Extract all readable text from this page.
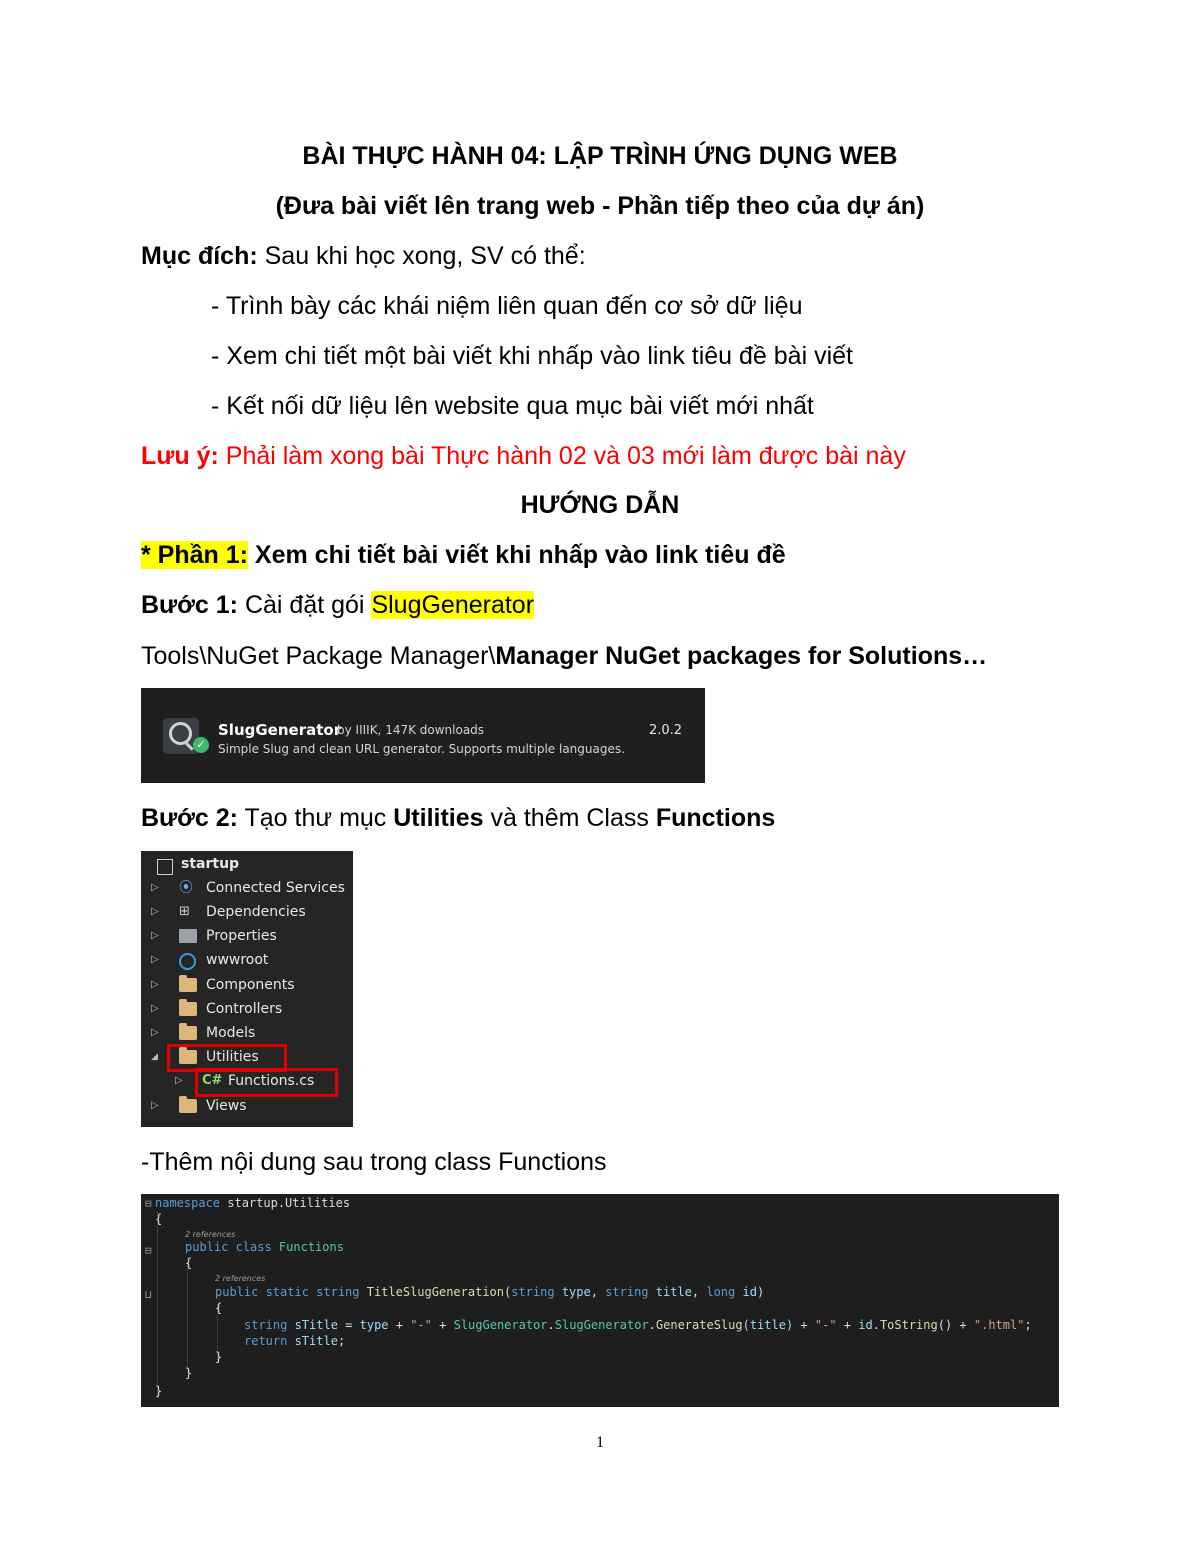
BÀI THỰC HÀNH 04: LẬP TRÌNH ỨNG DỤNG WEB
(Đưa bài viết lên trang web - Phần tiếp theo của dự án)
Mục đích: Sau khi học xong, SV có thể:
- Trình bày các khái niệm liên quan đến cơ sở dữ liệu
- Xem chi tiết một bài viết khi nhấp vào link tiêu đề bài viết
- Kết nối dữ liệu lên website qua mục bài viết mới nhất
Lưu ý: Phải làm xong bài Thực hành 02 và 03 mới làm được bài này
HƯỚNG DẪN
* Phần 1: Xem chi tiết bài viết khi nhấp vào link tiêu đề
Bước 1: Cài đặt gói SlugGenerator
Tools\NuGet Package Manager\Manager NuGet packages for Solutions…
✓
SlugGenerator
by IIIIK, 147K downloads
Simple Slug and clean URL generator. Supports multiple languages.
2.0.2
Bước 2: Tạo thư mục Utilities và thêm Class Functions
startup
▷	⦿ Connected Services
▷	⊞	Dependencies
▷	Properties
▷	wwwroot
▷	Components
▷	Controllers
▷	Models
◢	Utilities
▷	C# Functions.cs
▷	Views
-Thêm nội dung sau trong class Functions
⊟
⊟
⊔
namespace startup.Utilities
{
2 references
public class Functions
{
2 references
public static string TitleSlugGeneration(string type, string title, long id)
{
string sTitle = type + "-" + SlugGenerator.SlugGenerator.GenerateSlug(title) + "-" + id.ToString() + ".html";
return sTitle;
}
}
}
1
